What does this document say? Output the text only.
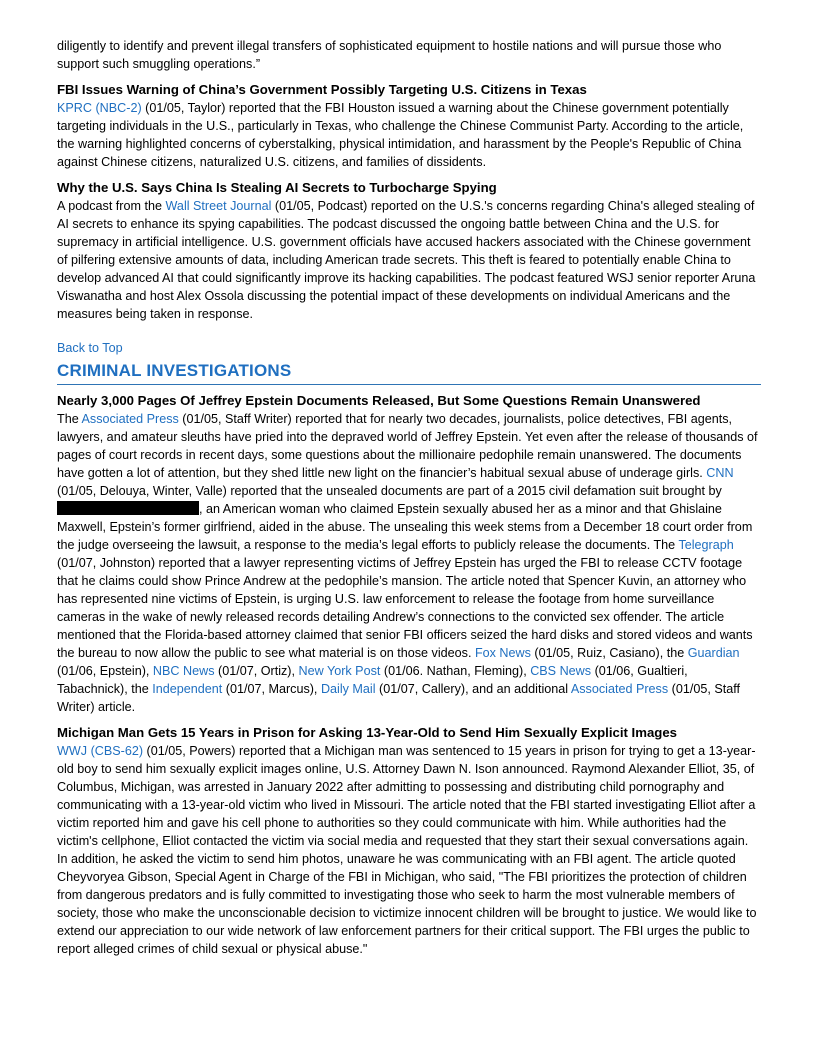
diligently to identify and prevent illegal transfers of sophisticated equipment to hostile nations and will pursue those who support such smuggling operations.”

FBI Issues Warning of China’s Government Possibly Targeting U.S. Citizens in Texas

KPRC (NBC-2) (01/05, Taylor) reported that the FBI Houston issued a warning about the Chinese government potentially targeting individuals in the U.S., particularly in Texas, who challenge the Chinese Communist Party. According to the article, the warning highlighted concerns of cyberstalking, physical intimidation, and harassment by the People's Republic of China against Chinese citizens, naturalized U.S. citizens, and families of dissidents.

Why the U.S. Says China Is Stealing AI Secrets to Turbocharge Spying

A podcast from the Wall Street Journal (01/05, Podcast) reported on the U.S.'s concerns regarding China's alleged stealing of AI secrets to enhance its spying capabilities. The podcast discussed the ongoing battle between China and the U.S. for supremacy in artificial intelligence. U.S. government officials have accused hackers associated with the Chinese government of pilfering extensive amounts of data, including American trade secrets. This theft is feared to potentially enable China to develop advanced AI that could significantly improve its hacking capabilities. The podcast featured WSJ senior reporter Aruna Viswanatha and host Alex Ossola discussing the potential impact of these developments on individual Americans and the measures being taken in response.

Back to Top
CRIMINAL INVESTIGATIONS

Nearly 3,000 Pages Of Jeffrey Epstein Documents Released, But Some Questions Remain Unanswered

The Associated Press (01/05, Staff Writer) reported that for nearly two decades, journalists, police detectives, FBI agents, lawyers, and amateur sleuths have pried into the depraved world of Jeffrey Epstein. Yet even after the release of thousands of pages of court records in recent days, some questions about the millionaire pedophile remain unanswered. The documents have gotten a lot of attention, but they shed little new light on the financier’s habitual sexual abuse of underage girls. CNN (01/05, Delouya, Winter, Valle) reported that the unsealed documents are part of a 2015 civil defamation suit brought by , an American woman who claimed Epstein sexually abused her as a minor and that Ghislaine Maxwell, Epstein’s former girlfriend, aided in the abuse. The unsealing this week stems from a December 18 court order from the judge overseeing the lawsuit, a response to the media’s legal efforts to publicly release the documents. The Telegraph (01/07, Johnston) reported that a lawyer representing victims of Jeffrey Epstein has urged the FBI to release CCTV footage that he claims could show Prince Andrew at the pedophile’s mansion. The article noted that Spencer Kuvin, an attorney who has represented nine victims of Epstein, is urging U.S. law enforcement to release the footage from home surveillance cameras in the wake of newly released records detailing Andrew’s connections to the convicted sex offender. The article mentioned that the Florida-based attorney claimed that senior FBI officers seized the hard disks and stored videos and wants the bureau to now allow the public to see what material is on those videos. Fox News (01/05, Ruiz, Casiano), the Guardian (01/06, Epstein), NBC News (01/07, Ortiz), New York Post (01/06. Nathan, Fleming), CBS News (01/06, Gualtieri, Tabachnick), the Independent (01/07, Marcus), Daily Mail (01/07, Callery), and an additional Associated Press (01/05, Staff Writer) article.

Michigan Man Gets 15 Years in Prison for Asking 13-Year-Old to Send Him Sexually Explicit Images

WWJ (CBS-62) (01/05, Powers) reported that a Michigan man was sentenced to 15 years in prison for trying to get a 13-year-old boy to send him sexually explicit images online, U.S. Attorney Dawn N. Ison announced. Raymond Alexander Elliot, 35, of Columbus, Michigan, was arrested in January 2022 after admitting to possessing and distributing child pornography and communicating with a 13-year-old victim who lived in Missouri. The article noted that the FBI started investigating Elliot after a victim reported him and gave his cell phone to authorities so they could communicate with him. While authorities had the victim's cellphone, Elliot contacted the victim via social media and requested that they start their sexual conversations again. In addition, he asked the victim to send him photos, unaware he was communicating with an FBI agent. The article quoted Cheyvoryea Gibson, Special Agent in Charge of the FBI in Michigan, who said, "The FBI prioritizes the protection of children from dangerous predators and is fully committed to investigating those who seek to harm the most vulnerable members of society, those who make the unconscionable decision to victimize innocent children will be brought to justice. We would like to extend our appreciation to our wide network of law enforcement partners for their critical support. The FBI urges the public to report alleged crimes of child sexual or physical abuse."
